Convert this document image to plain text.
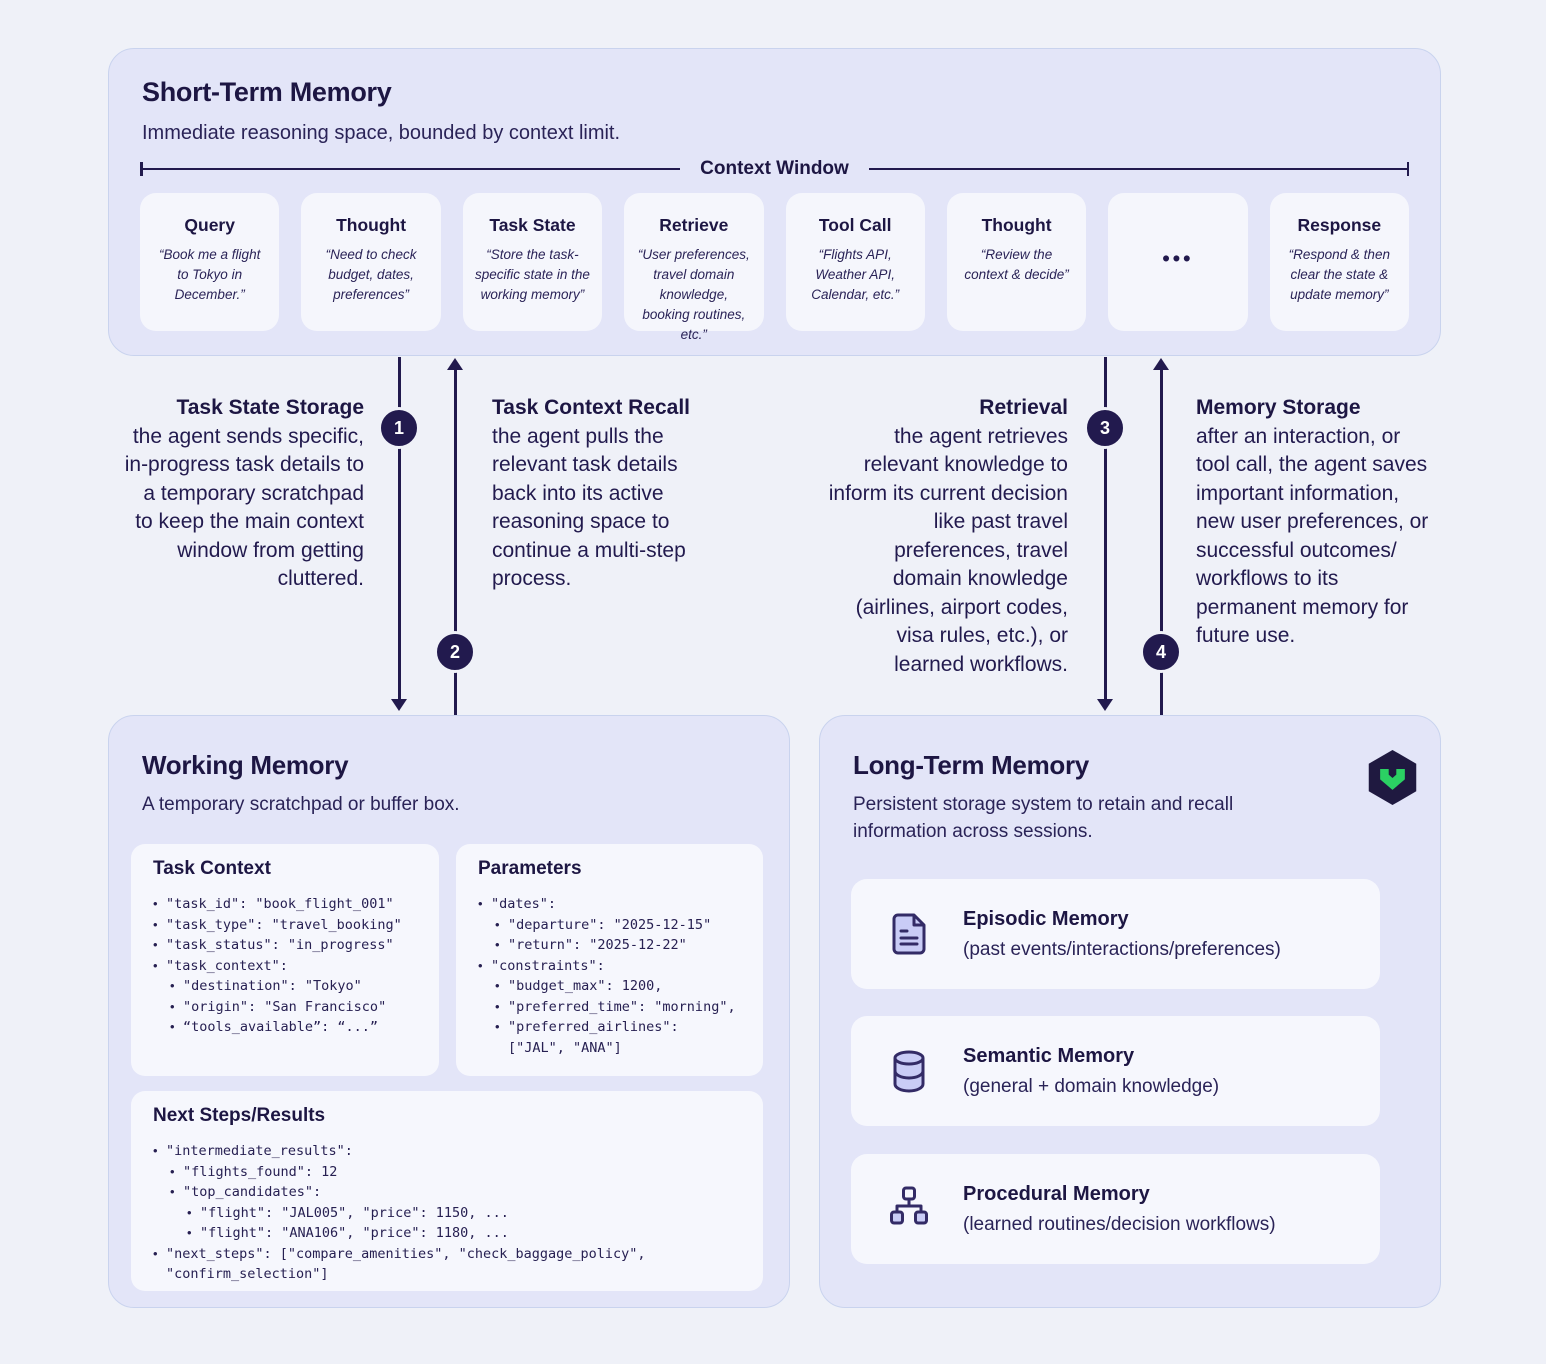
Short-Term Memory
Immediate reasoning space, bounded by context limit.
Context Window
Query
“Book me a flight to Tokyo in December.”
Thought
“Need to check budget, dates, preferences”
Task State
“Store the task-specific state in the working memory”
Retrieve
“User preferences, travel domain knowledge, booking routines, etc.”
Tool Call
“Flights API, Weather API, Calendar, etc.”
Thought
“Review the context & decide”
•••
Response
“Respond & then clear the state & update memory”
1
2
3
4
Task State Storage
the agent sends specific, in-progress task details to a temporary scratchpad to keep the main context window from getting cluttered.
Task Context Recall
the agent pulls the relevant task details back into its active reasoning space to continue a multi-step process.
Retrieval
the agent retrieves relevant knowledge to inform its current decision like past travel preferences, travel domain knowledge (airlines, airport codes, visa rules, etc.), or learned workflows.
Memory Storage
after an interaction, or tool call, the agent saves important information, new user preferences, or successful outcomes/ workflows to its permanent memory for future use.
Working Memory
A temporary scratchpad or buffer box.
Task Context
• "task_id": "book_flight_001"
• "task_type": "travel_booking"
• "task_status": "in_progress"
• "task_context":
• "destination": "Tokyo"
• "origin": "San Francisco"
• “tools_available”: “...”
Parameters
• "dates":
• "departure": "2025-12-15"
• "return": "2025-12-22"
• "constraints":
• "budget_max": 1200,
• "preferred_time": "morning",
• "preferred_airlines":
["JAL", "ANA"]
Next Steps/Results
• "intermediate_results":
• "flights_found": 12
• "top_candidates":
• "flight": "JAL005", "price": 1150, ...
• "flight": "ANA106", "price": 1180, ...
• "next_steps": ["compare_amenities", "check_baggage_policy",
"confirm_selection"]
Long-Term Memory
Persistent storage system to retain and recall information across sessions.
Episodic Memory
(past events/interactions/preferences)
Semantic Memory
(general + domain knowledge)
Procedural Memory
(learned routines/decision workflows)
